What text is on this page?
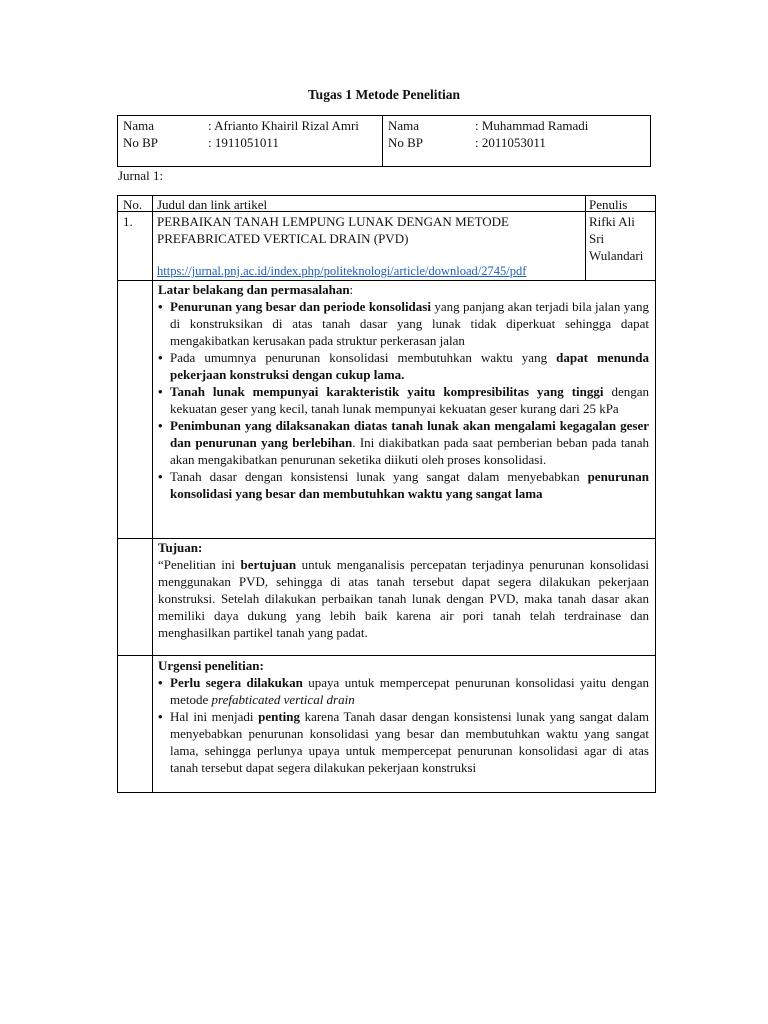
Tugas 1 Metode Penelitian
Nama
No BP
: Afrianto Khairil Rizal Amri
: 1911051011
Nama
No BP
: Muhammad Ramadi
: 2011053011
Jurnal 1:
No. Judul dan link artikel	Penulis
1. PERBAIKAN TANAH LEMPUNG LUNAK DENGAN METODE
PREFABRICATED VERTICAL DRAIN (PVD)
https://jurnal.pnj.ac.id/index.php/politeknologi/article/download/2745/pdf
Rifki Ali
Sri
Wulandari
Latar belakang dan permasalahan:
• Penurunan yang besar dan periode konsolidasi yang panjang akan terjadi bila jalan yang di konstruksikan di atas tanah dasar yang lunak tidak diperkuat sehingga dapat mengakibatkan kerusakan pada struktur perkerasan jalan
• Pada umumnya penurunan konsolidasi membutuhkan waktu yang dapat menunda pekerjaan konstruksi dengan cukup lama.
• Tanah lunak mempunyai karakteristik yaitu kompresibilitas yang tinggi dengan kekuatan geser yang kecil, tanah lunak mempunyai kekuatan geser kurang dari 25 kPa
• Penimbunan yang dilaksanakan diatas tanah lunak akan mengalami kegagalan geser dan penurunan yang berlebihan. Ini diakibatkan pada saat pemberian beban pada tanah akan mengakibatkan penurunan seketika diikuti oleh proses konsolidasi.
• Tanah dasar dengan konsistensi lunak yang sangat dalam menyebabkan penurunan konsolidasi yang besar dan membutuhkan waktu yang sangat lama
Tujuan:
“Penelitian ini bertujuan untuk menganalisis percepatan terjadinya penurunan konsolidasi menggunakan PVD, sehingga di atas tanah tersebut dapat segera dilakukan pekerjaan konstruksi. Setelah dilakukan perbaikan tanah lunak dengan PVD, maka tanah dasar akan memiliki daya dukung yang lebih baik karena air pori tanah telah terdrainase dan menghasilkan partikel tanah yang padat.
Urgensi penelitian:
• Perlu segera dilakukan upaya untuk mempercepat penurunan konsolidasi yaitu dengan metode prefabticated vertical drain
• Hal ini menjadi penting karena Tanah dasar dengan konsistensi lunak yang sangat dalam menyebabkan penurunan konsolidasi yang besar dan membutuhkan waktu yang sangat lama, sehingga perlunya upaya untuk mempercepat penurunan konsolidasi agar di atas tanah tersebut dapat segera dilakukan pekerjaan konstruksi
